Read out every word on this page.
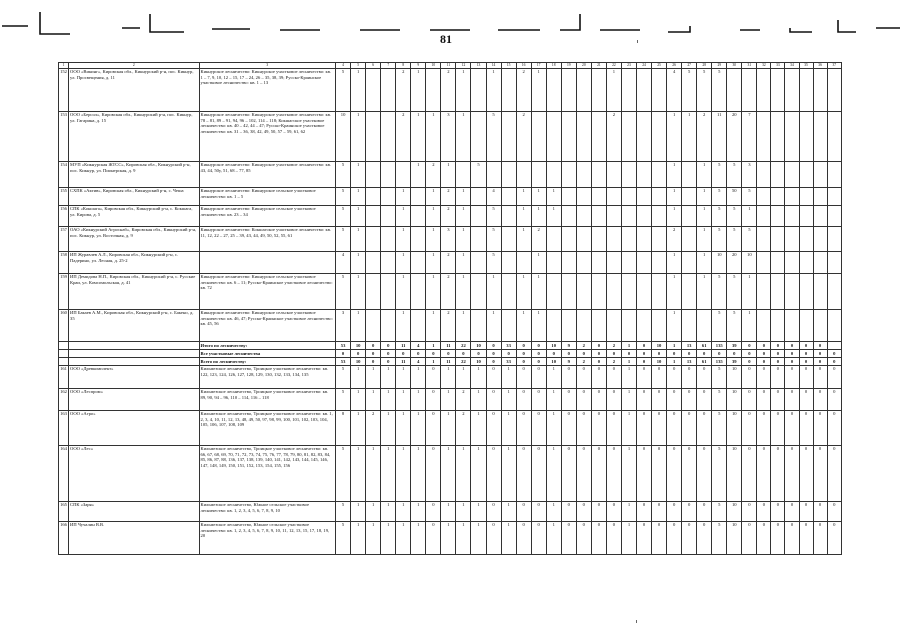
81
1	2	3	4	5	6	7	8	9	10	11	12	13	14	15	16	17	18	19	20	21	22	23	24	25	26	27	28	29	30	31	32	33	34	35	36	37
152	ООО «Викинг», Кировская обл., Кикнурский р-н, пос. Кикнур, ул. Просвещения, д. 11	Кикнурское лесничество: Кикнурское участковое лесничество: кв. 1 – 7, 9, 10, 12 – 15, 17 – 24, 26 – 35, 38, 39; Русско-Краинское участковое лесничество: кв. 1 – 13	5	1			2	1		2	1		1		2	1					1				4	5	5	5								
153	ООО «Берсол», Кировская обл., Кикнурский р-н, пос. Кикнур, ул. Гагарина, д. 15	Кикнурское лесничество: Кикнурское участковое лесничество: кв. 78 – 81, 89 – 91, 94, 96 – 102, 114 – 118; Кокшагское участковое лесничество: кв. 40 – 42, 44 – 47; Русско-Краинское участковое лесничество: кв. 31 – 36, 38, 42, 49, 50, 57 – 59, 61, 62	10	1			2	1	1	3	1		5		2						2				1	1	2	11	20	7						
154	МУП «Кикнурская ЖТСС», Кировская обл., Кикнурский р-н, пос. Кикнур, ул. Пионерская, д. 9	Кикнурское лесничество: Кикнурское участковое лесничество: кв. 43, 44, 50у, 51, 68 – 77, 85	5	1				1	2	1		5													1		1	5	5	3						
155	СХПК «Актив», Кировская обл., Кикнурский р-н, с. Чеша	Кикнурское лесничество: Кикнурское сельское участковое лесничество: кв. 1 – 5	5	1			1		1	2	1		4		1	1	1								1		1	5	50	5						
156	СПК «Кокшага», Кировская обл., Кикнурский р-н, с. Кокшага, ул. Кирова, д. 5	Кикнурское лесничество: Кикнурское сельское участковое лесничество: кв. 23 – 34	5	1			1		1	2	1		5		1	1	1								1		1	5	5	1						
157	ОАО «Кикнурский Агроснаб», Кировская обл., Кикнурский р-н, пос. Кикнур, ул. Восточная, д. 9	Кикнурское лесничество: Кокшагское участковое лесничество: кв. 11, 12, 22 – 27, 25 – 39, 43, 44, 49, 50, 52, 55, 61	5	1			1		1	3	1		5		1	2									2		1	5	5	5						
158	ИП Журавлев А.Л., Кировская обл., Кикнурский р-н, с. Падерино, ул. Лесная, д. 25-2		4	1			1		1	2	1		5			1									1		1	10	20	10						
159	ИП Демидова Н.П., Кировская обл., Кикнурский р-н, с. Русские Краи, ул. Комсомольская, д. 41	Кикнурское лесничество: Кикнурское сельское участковое лесничество: кв. 6 – 11; Русско-Краинское участковое лесничество: кв. 72	5	1			1		1	2	1		1		1	1									1		1	5	5	1						
160	ИП Бакаев А.М., Кировская обл., Кикнурский р-н, с. Бакено, д. 35	Кикнурское лесничество: Кикнурское сельское участковое лесничество: кв. 46, 47; Русско-Краинское участковое лесничество: кв. 45, 56	3	1			1		1	2	1		1		1	1									1			5	5	1						
		Итого по лесничеству:	53	10	0	0	11	4	1	11	22	10	0	33	0	0	10	9	2	0	2	1	0	10	1	13	61	135	39	0	0	0	0	0	0	
		Все участковые лесничества	0	0	0	0	0	0	0	0	0	0	0	0	0	0	0	0	0	0	0	0	0	0	0	0	0	0	0	0	0	0	0	0	0	0
		Всего по лесничеству:	53	10	0	0	11	4	1	11	22	10	0	33	0	0	10	9	2	0	2	1	0	10	1	13	61	135	39	0	0	0	0	0	0	0
161	ООО «Древкомплект»	Кильмезское лесничество, Троицкое участковое лесничество: кв. 122, 123, 124, 126, 127, 128, 129, 130, 132, 133, 134, 135	5	1	1	1	1	1	0	1	1	1	0	1	0	0	1	0	0	0	0	1	0	0	0	0	0	5	10	0	0	0	0	0	0	0
162	ООО «Леспром»	Кильмезское лесничество, Троицкое участковое лесничество: кв. 89, 90, 94 – 96, 110 – 114, 116 – 118	5	1	1	1	1	1	0	1	2	1	0	1	0	0	1	0	0	0	0	1	0	0	0	0	0	5	10	0	0	0	0	0	0	0
163	ООО «Агро»	Кильмезское лесничество, Троицкое участковое лесничество: кв. 1, 2, 3, 4, 10, 11, 12, 13, 48, 49, 50, 97, 98, 99, 100, 101, 102, 103, 104, 105, 106, 107, 108, 109	8	1	2	1	1	1	0	1	2	1	0	1	0	0	1	0	0	0	0	1	0	0	0	0	0	5	10	0	0	0	0	0	0	0
164	ООО «Лес»	Кильмезское лесничество, Троицкое участковое лесничество: кв. 66, 67, 68, 69, 70, 71, 72, 73, 74, 75, 76, 77, 78, 79, 80, 81, 82, 83, 84, 85, 86, 87, 88, 136, 137, 138, 139, 140, 141, 142, 143, 144, 145, 146, 147, 148, 149, 150, 151, 152, 153, 154, 155, 156	5	1	1	1	1	1	0	1	1	1	0	1	0	0	1	0	0	0	0	1	0	0	0	0	0	5	10	0	0	0	0	0	0	0
165	СПК «Заря»	Кильмезское лесничество, Южное сельское участковое лесничество: кв. 1, 2, 3, 4, 5, 6, 7, 8, 9, 10	5	1	1	1	1	1	0	1	1	1	0	1	0	0	1	0	0	0	0	1	0	0	0	0	0	5	10	0	0	0	0	0	0	0
166	ИП Чучалин В.В.	Кильмезское лесничество, Южное сельское участковое лесничество: кв. 1, 2, 3, 4, 5, 6, 7, 8, 9, 10, 11, 12, 13, 15, 17, 18, 19, 20	5	1	1	1	1	1	0	1	1	1	0	1	0	0	1	0	0	0	0	1	0	0	0	0	0	5	10	0	0	0	0	0	0	0
